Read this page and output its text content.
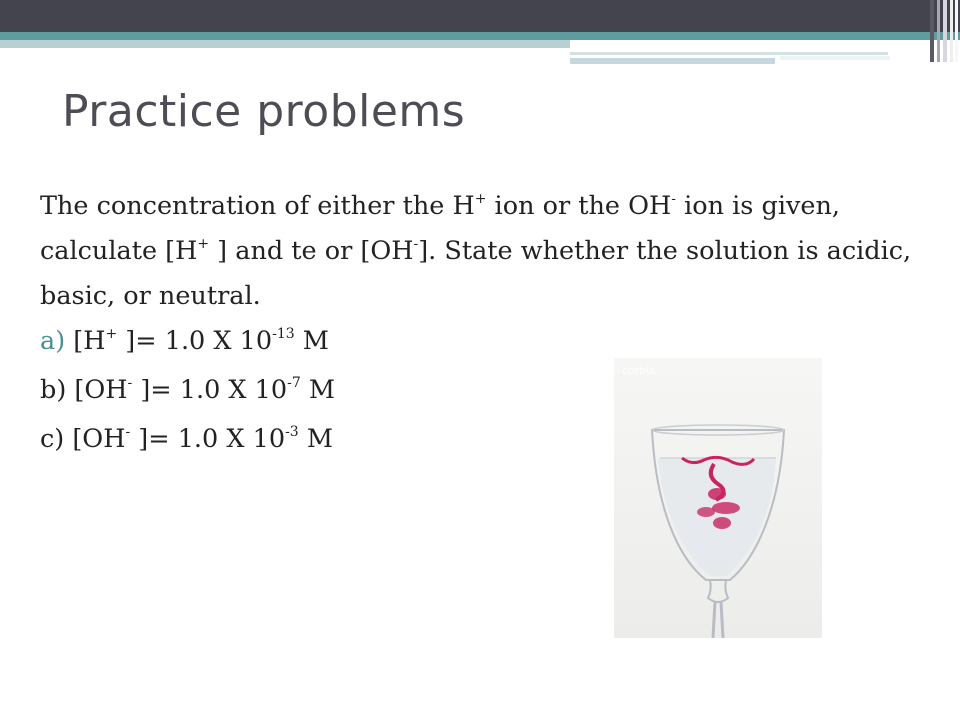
Practice problems

The concentration of either the H+ ion or the OH- ion is given, calculate [H+ ] and te or [OH-]. State whether the solution is acidic, basic, or neutral.

a) [H+ ]= 1.0 X $10^{-13}$ M
b) [OH- ]= 1.0 X $10^{-7}$ M
c) [OH- ]= 1.0 X $10^{-3}$ M
corbis
